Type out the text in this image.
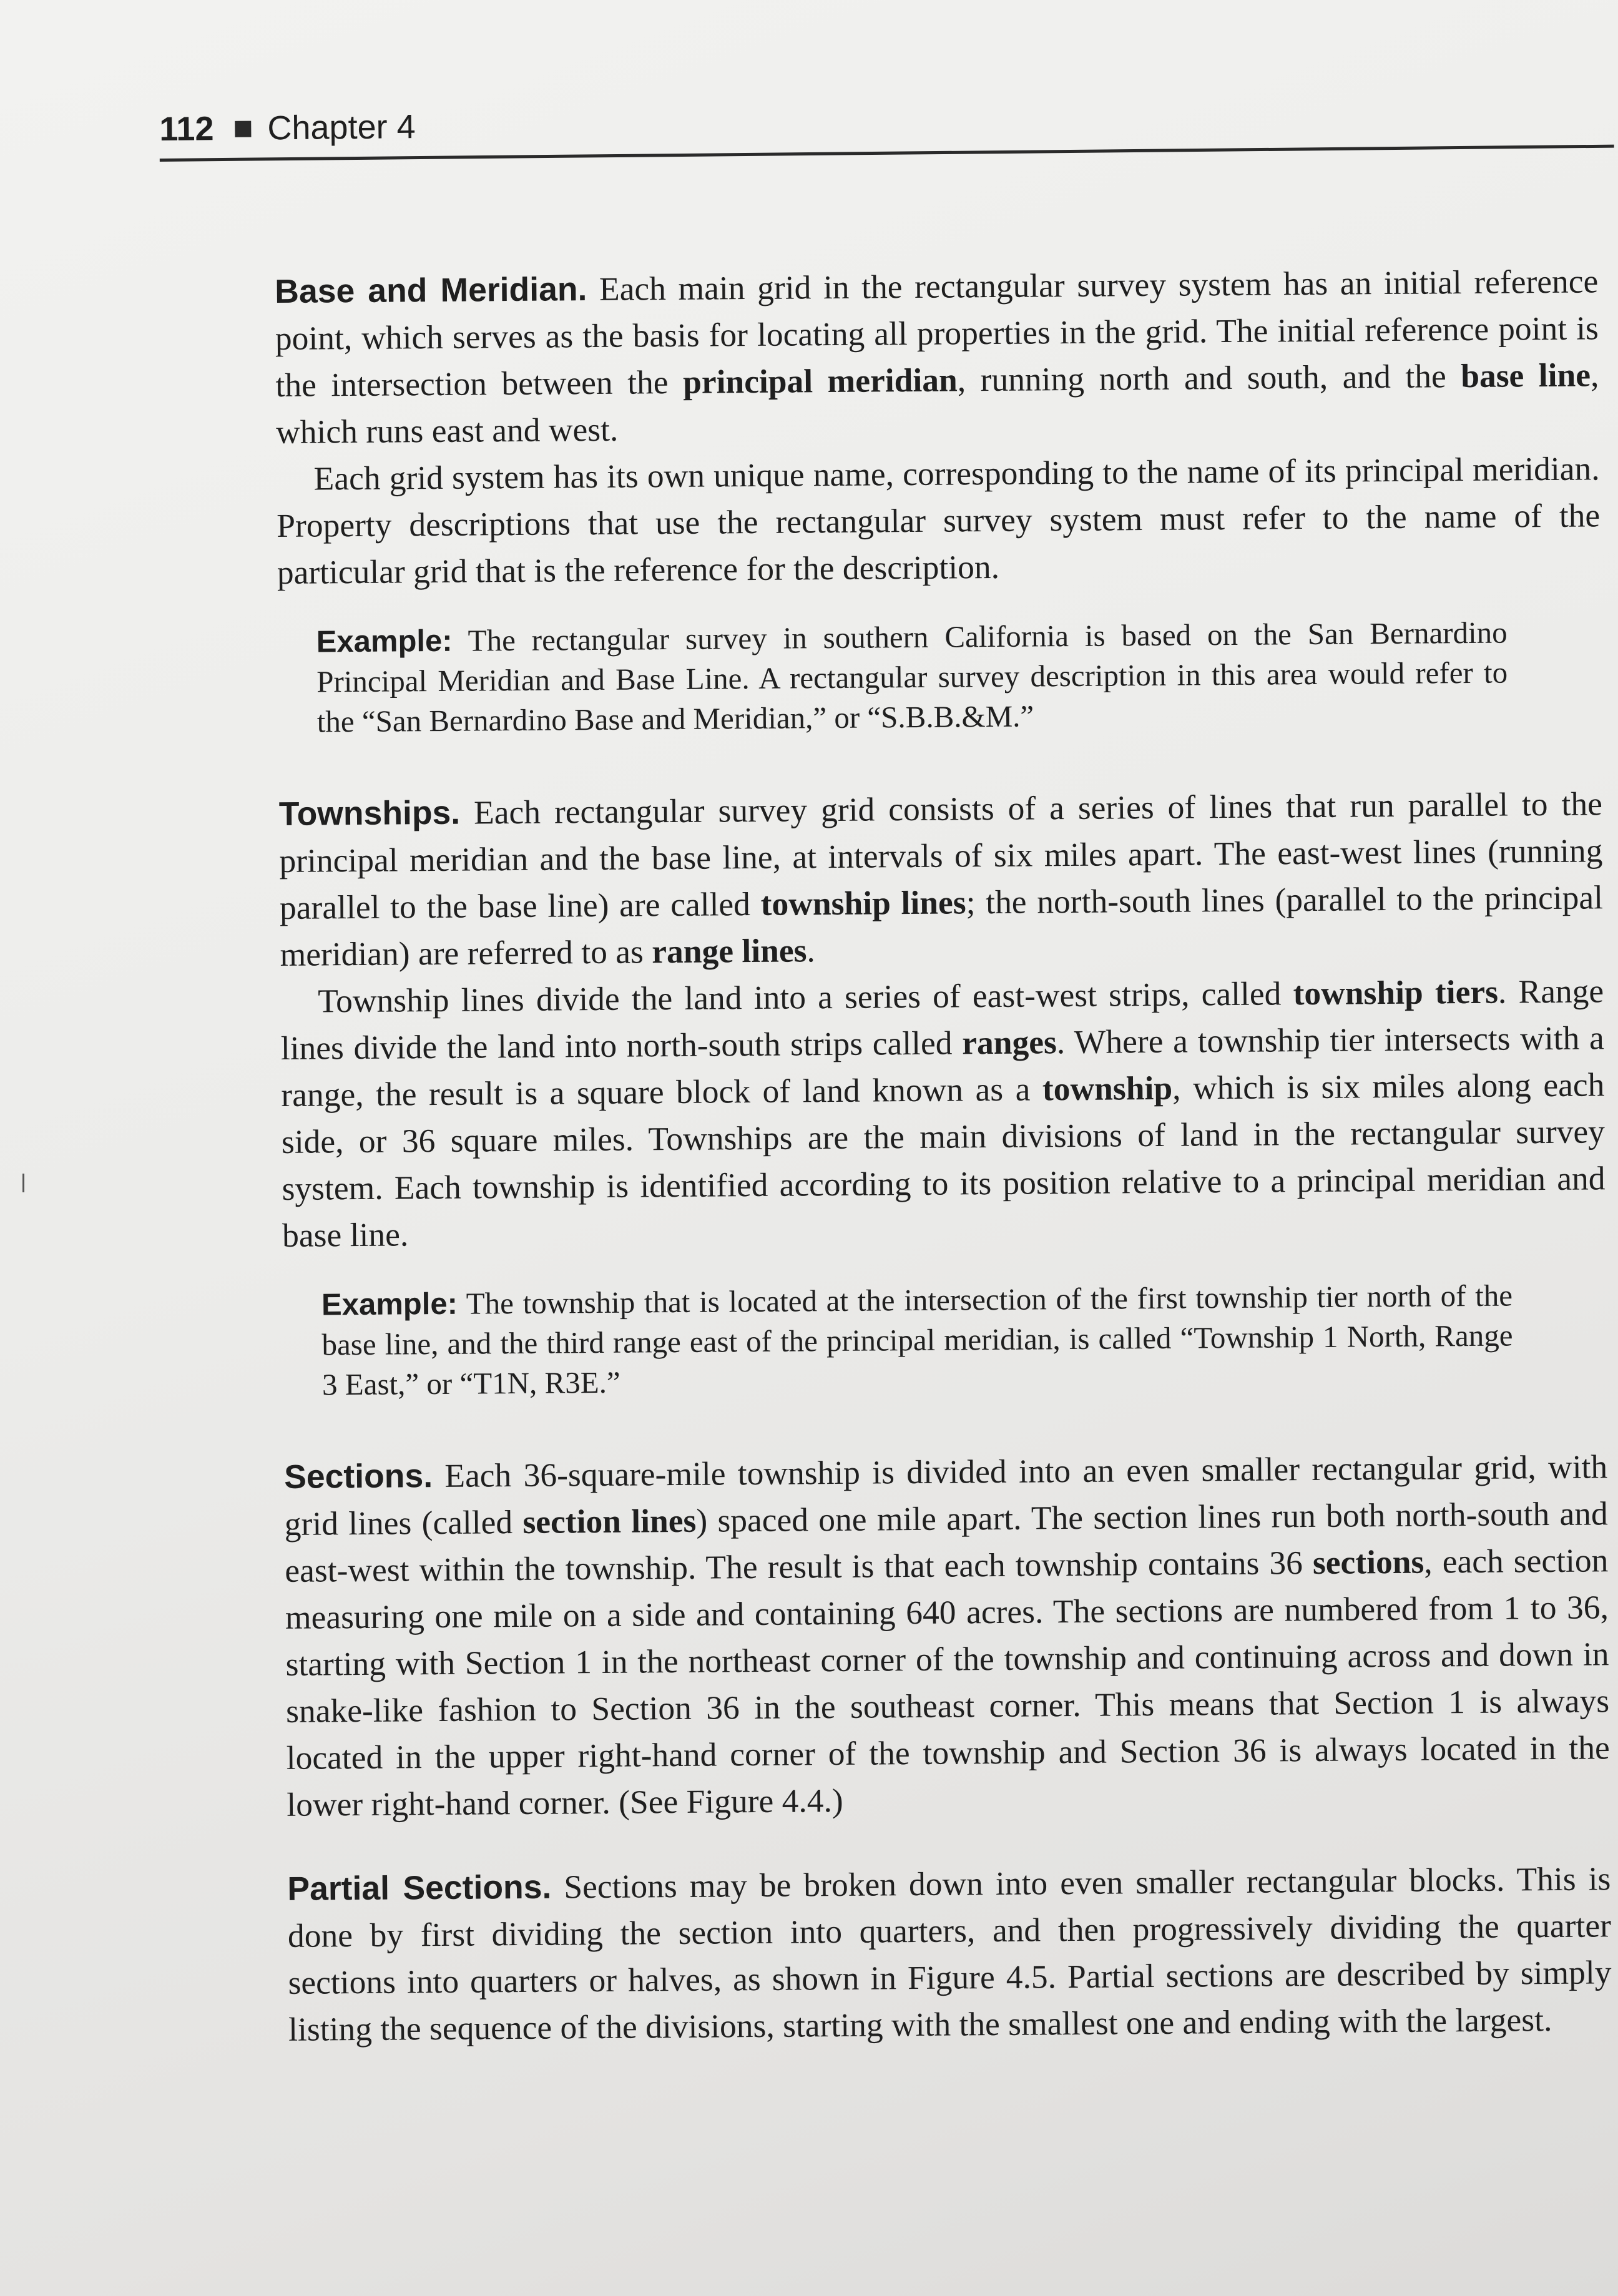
112 Chapter 4

Base and Meridian. Each main grid in the rectangular survey system has an initial reference point, which serves as the basis for locating all properties in the grid. The initial reference point is the intersection between the principal meridian, running north and south, and the base line, which runs east and west.

Each grid system has its own unique name, corresponding to the name of its principal meridian. Property descriptions that use the rectangular survey system must refer to the name of the particular grid that is the reference for the description.

Example: The rectangular survey in southern California is based on the San Bernardino Principal Meridian and Base Line. A rectangular survey description in this area would refer to the “San Bernardino Base and Meridian,” or “S.B.B.&M.”

Townships. Each rectangular survey grid consists of a series of lines that run parallel to the principal meridian and the base line, at intervals of six miles apart. The east-west lines (running parallel to the base line) are called township lines; the north-south lines (parallel to the principal meridian) are referred to as range lines.

Township lines divide the land into a series of east-west strips, called township tiers. Range lines divide the land into north-south strips called ranges. Where a township tier intersects with a range, the result is a square block of land known as a township, which is six miles along each side, or 36 square miles. Townships are the main divisions of land in the rectangular survey system. Each township is identified according to its position relative to a principal meridian and base line.

Example: The township that is located at the intersection of the first township tier north of the base line, and the third range east of the principal meridian, is called “Township 1 North, Range 3 East,” or “T1N, R3E.”

Sections. Each 36-square-mile township is divided into an even smaller rectangular grid, with grid lines (called section lines) spaced one mile apart. The section lines run both north-south and east-west within the township. The result is that each township contains 36 sections, each section measuring one mile on a side and containing 640 acres. The sections are numbered from 1 to 36, starting with Section 1 in the northeast corner of the township and continuing across and down in snake-like fashion to Section 36 in the southeast corner. This means that Section 1 is always located in the upper right-hand corner of the township and Section 36 is always located in the lower right-hand corner. (See Figure 4.4.)

Partial Sections. Sections may be broken down into even smaller rectangular blocks. This is done by first dividing the section into quarters, and then progressively dividing the quarter sections into quarters or halves, as shown in Figure 4.5. Partial sections are described by simply listing the sequence of the divisions, starting with the smallest one and ending with the largest.
